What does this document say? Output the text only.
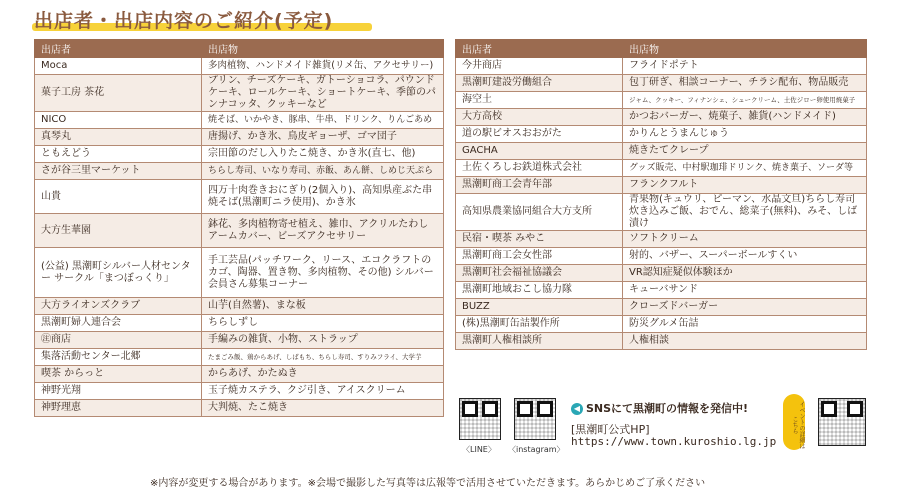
出店者・出店内容のご紹介(予定)
出店者	出店物
Moca	多肉植物、ハンドメイド雑貨(リメ缶、アクセサリー)
菓子工房 茶花	プリン、チーズケーキ、ガトーショコラ、パウンドケーキ、ロールケーキ、ショートケーキ、季節のパンナコッタ、クッキーなど
NICO	焼そば、いかやき、豚串、牛串、ドリンク、りんごあめ
真琴丸	唐揚げ、かき氷、鳥皮ギョーザ、ゴマ団子
ともえどう	宗田節のだし入りたこ焼き、かき氷(直七、他)
さが谷三里マーケット	ちらし寿司、いなり寿司、赤飯、あん餅、しめじ天ぷら
山貴	四万十肉巻きおにぎり(2個入り)、高知県産ぶた串焼そば(黒潮町ニラ使用)、かき氷
大方生華園	鉢花、多肉植物寄せ植え、雑巾、アクリルたわしアームカバー、ビーズアクセサリー
(公益) 黒潮町シルバー人材センター サークル「まつぼっくり」	手工芸品(パッチワーク、リース、エコクラフトのカゴ、陶器、置き物、多肉植物、その他) シルバー会員さん募集コーナー
大方ライオンズクラブ	山芋(自然薯)、まな板
黒潮町婦人連合会	ちらしずし
㊟商店	手編みの雑貨、小物、ストラップ
集落活動センター北郷	たまごみ飯、鶏からあげ、しばもち、ちらし寿司、すりみフライ、大学芋
喫茶 からっと	からあげ、かたぬき
神野光翔	玉子焼カステラ、クジ引き、アイスクリーム
神野理恵	大判焼、たこ焼き
出店者	出店物
今井商店	フライドポテト
黒潮町建設労働組合	包丁研ぎ、相談コーナー、チラシ配布、物品販売
海空土	ジャム、クッキー、フィナンシェ、シュークリーム、土佐ジロー卵使用焼菓子
大方高校	かつおバーガー、焼菓子、雑貨(ハンドメイド)
道の駅ビオスおおがた	かりんとうまんじゅう
GACHA	焼きたてクレープ
土佐くろしお鉄道株式会社	グッズ販売、中村駅珈琲ドリンク、焼き菓子、ソーダ等
黒潮町商工会青年部	フランクフルト
高知県農業協同組合大方支所	青果物(キュウリ、ピーマン、水晶文旦)ちらし寿司 炊き込みご飯、おでん、総菜子(無料)、みそ、しば漬け
民宿・喫茶 みやこ	ソフトクリーム
黒潮町商工会女性部	射的、バザー、スーパーボールすくい
黒潮町社会福祉協議会	VR認知症疑似体験ほか
黒潮町地域おこし協力隊	キューバサンド
BUZZ	クローズドバーガー
(株)黒潮町缶詰製作所	防災グルメ缶詰
黒潮町人権相談所	人権相談
〈LINE〉 〈instagram〉
◀ SNSにて黒潮町の情報を発信中!
[黒潮町公式HP]
https://www.town.kuroshio.lg.jp	イベントの詳細はこちら
※内容が変更する場合があります。※会場で撮影した写真等は広報等で活用させていただきます。あらかじめご了承ください
